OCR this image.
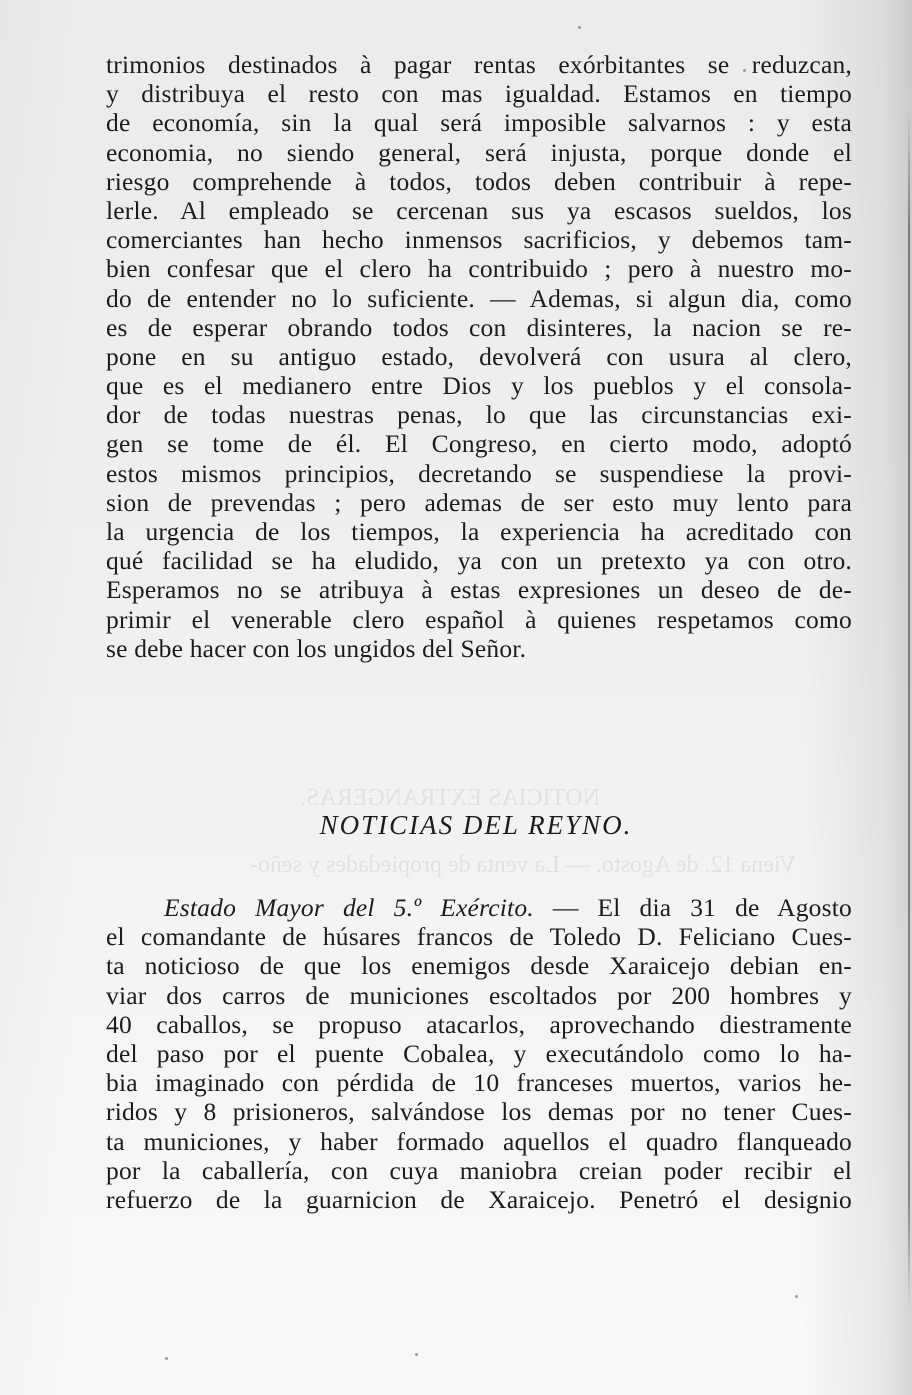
NOTICIAS EXTRANGERAS.
Viena 12. de Agosto. — La venta de propiedades y seño-
trimonios destinados à pagar rentas exórbitantes se reduzcan,
y distribuya el resto con mas igualdad. Estamos en tiempo
de economía, sin la qual será imposible salvarnos : y esta
economia, no siendo general, será injusta, porque donde el
riesgo comprehende à todos, todos deben contribuir à repe-
lerle. Al empleado se cercenan sus ya escasos sueldos, los
comerciantes han hecho inmensos sacrificios, y debemos tam-
bien confesar que el clero ha contribuido ; pero à nuestro mo-
do de entender no lo suficiente. — Ademas, si algun dia, como
es de esperar obrando todos con disinteres, la nacion se re-
pone en su antiguo estado, devolverá con usura al clero,
que es el medianero entre Dios y los pueblos y el consola-
dor de todas nuestras penas, lo que las circunstancias exi-
gen se tome de él. El Congreso, en cierto modo, adoptó
estos mismos principios, decretando se suspendiese la provi-
sion de prevendas ; pero ademas de ser esto muy lento para
la urgencia de los tiempos, la experiencia ha acreditado con
qué facilidad se ha eludido, ya con un pretexto ya con otro.
Esperamos no se atribuya à estas expresiones un deseo de de-
primir el venerable clero español à quienes respetamos como
se debe hacer con los ungidos del Señor.
NOTICIAS DEL REYNO.
Estado Mayor del 5.º Exército. — El dia 31 de Agosto
el comandante de húsares francos de Toledo D. Feliciano Cues-
ta noticioso de que los enemigos desde Xaraicejo debian en-
viar dos carros de municiones escoltados por 200 hombres y
40 caballos, se propuso atacarlos, aprovechando diestramente
del paso por el puente Cobalea, y executándolo como lo ha-
bia imaginado con pérdida de 10 franceses muertos, varios he-
ridos y 8 prisioneros, salvándose los demas por no tener Cues-
ta municiones, y haber formado aquellos el quadro flanqueado
por la caballería, con cuya maniobra creian poder recibir el
refuerzo de la guarnicion de Xaraicejo. Penetró el designio
